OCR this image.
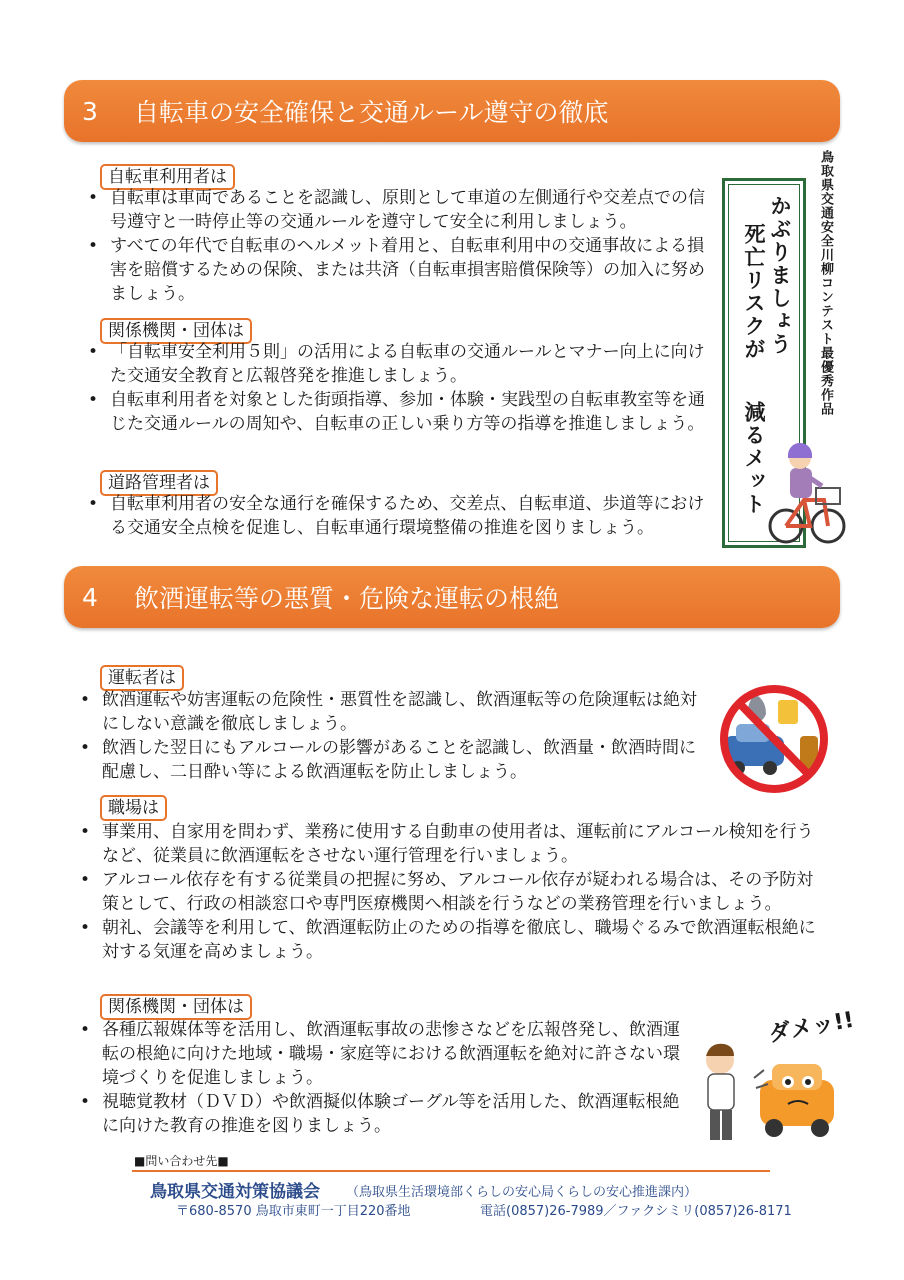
3	自転車の安全確保と交通ルール遵守の徹底
自転車利用者は
• 自転車は車両であることを認識し、原則として車道の左側通行や交差点での信号遵守と一時停止等の交通ルールを遵守して安全に利用しましょう。
• すべての年代で自転車のヘルメット着用と、自転車利用中の交通事故による損害を賠償するための保険、または共済（自転車損害賠償保険等）の加入に努めましょう。
関係機関・団体は
• 「自転車安全利用５則」の活用による自転車の交通ルールとマナー向上に向けた交通安全教育と広報啓発を推進しましょう。
• 自転車利用者を対象とした街頭指導、参加・体験・実践型の自転車教室等を通じた交通ルールの周知や、自転車の正しい乗り方等の指導を推進しましょう。
道路管理者は
• 自転車利用者の安全な通行を確保するため、交差点、自転車道、歩道等における交通安全点検を促進し、自転車通行環境整備の推進を図りましょう。
かぶりましょう
死亡リスクが
減るメット
鳥取県交通安全川柳コンテスト最優秀作品
4	飲酒運転等の悪質・危険な運転の根絶
運転者は
• 飲酒運転や妨害運転の危険性・悪質性を認識し、飲酒運転等の危険運転は絶対にしない意識を徹底しましょう。
• 飲酒した翌日にもアルコールの影響があることを認識し、飲酒量・飲酒時間に配慮し、二日酔い等による飲酒運転を防止しましょう。
職場は
• 事業用、自家用を問わず、業務に使用する自動車の使用者は、運転前にアルコール検知を行うなど、従業員に飲酒運転をさせない運行管理を行いましょう。
• アルコール依存を有する従業員の把握に努め、アルコール依存が疑われる場合は、その予防対策として、行政の相談窓口や専門医療機関へ相談を行うなどの業務管理を行いましょう。
• 朝礼、会議等を利用して、飲酒運転防止のための指導を徹底し、職場ぐるみで飲酒運転根絶に対する気運を高めましょう。
関係機関・団体は
• 各種広報媒体等を活用し、飲酒運転事故の悲惨さなどを広報啓発し、飲酒運転の根絶に向けた地域・職場・家庭等における飲酒運転を絶対に許さない環境づくりを促進しましょう。
• 視聴覚教材（ＤＶＤ）や飲酒擬似体験ゴーグル等を活用した、飲酒運転根絶に向けた教育の推進を図りましょう。
ダメッ!!
■問い合わせ先■
鳥取県交通対策協議会 （鳥取県生活環境部くらしの安心局くらしの安心推進課内）
〒680-8570 鳥取市東町一丁目220番地	電話(0857)26-7989／ファクシミリ(0857)26-8171
